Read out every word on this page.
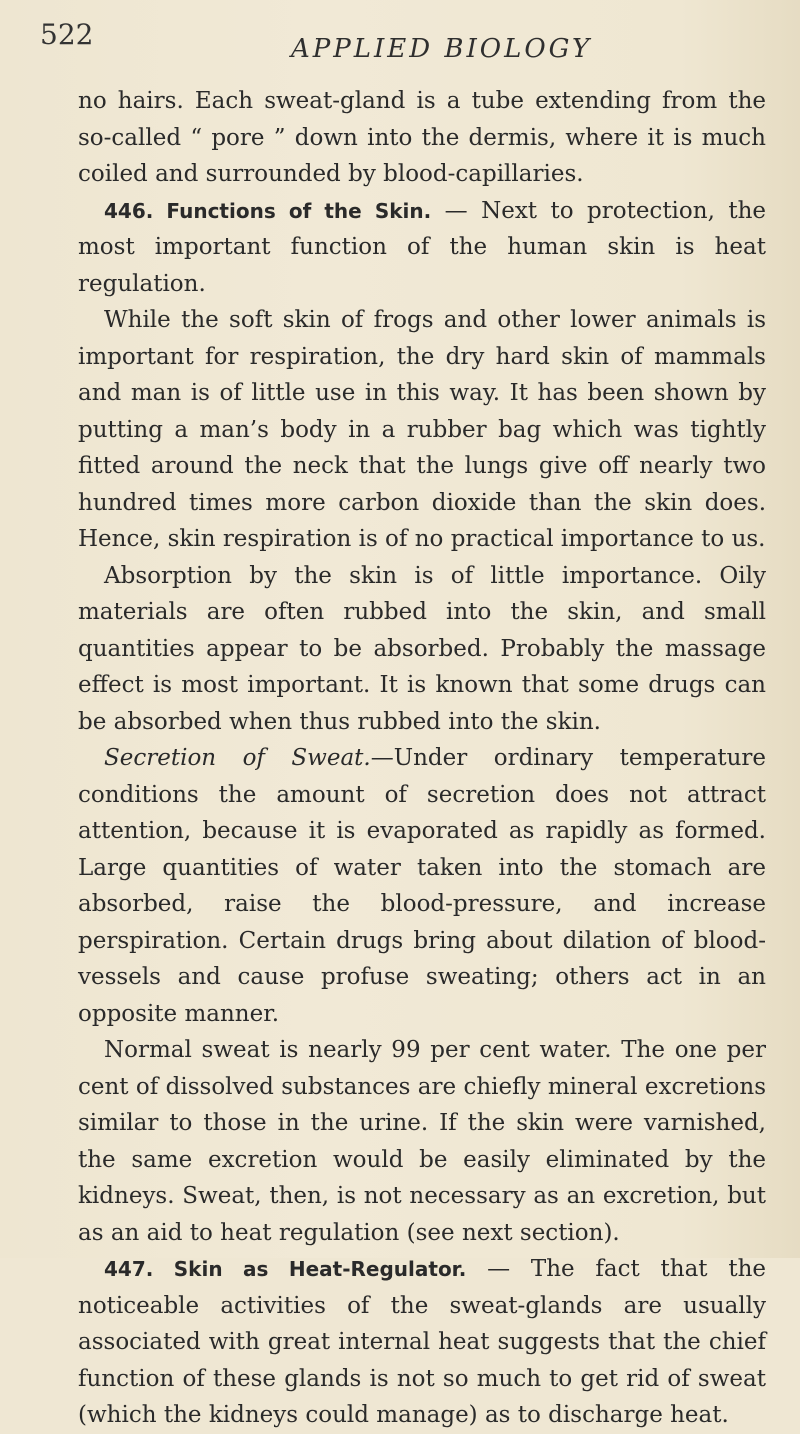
522	APPLIED BIOLOGY

no hairs. Each sweat-gland is a tube extending from the so-called “ pore ” down into the dermis, where it is much coiled and surrounded by blood-capillaries.

446. Functions of the Skin. — Next to protection, the most important function of the human skin is heat regulation.

While the soft skin of frogs and other lower animals is important for respiration, the dry hard skin of mammals and man is of little use in this way. It has been shown by putting a man’s body in a rubber bag which was tightly fitted around the neck that the lungs give off nearly two hundred times more carbon dioxide than the skin does. Hence, skin respiration is of no practical importance to us.

Absorption by the skin is of little importance. Oily materials are often rubbed into the skin, and small quantities appear to be absorbed. Probably the massage effect is most important. It is known that some drugs can be absorbed when thus rubbed into the skin.

Secretion of Sweat.—Under ordinary temperature conditions the amount of secretion does not attract attention, because it is evaporated as rapidly as formed. Large quantities of water taken into the stomach are absorbed, raise the blood-pressure, and increase perspiration. Certain drugs bring about dilation of blood-vessels and cause profuse sweating; others act in an opposite manner.

Normal sweat is nearly 99 per cent water. The one per cent of dissolved substances are chiefly mineral excretions similar to those in the urine. If the skin were varnished, the same excretion would be easily eliminated by the kidneys. Sweat, then, is not necessary as an excretion, but as an aid to heat regulation (see next section).

447. Skin as Heat-Regulator. — The fact that the noticeable activities of the sweat-glands are usually associated with great internal heat suggests that the chief function of these glands is not so much to get rid of sweat (which the kidneys could manage) as to discharge heat.
